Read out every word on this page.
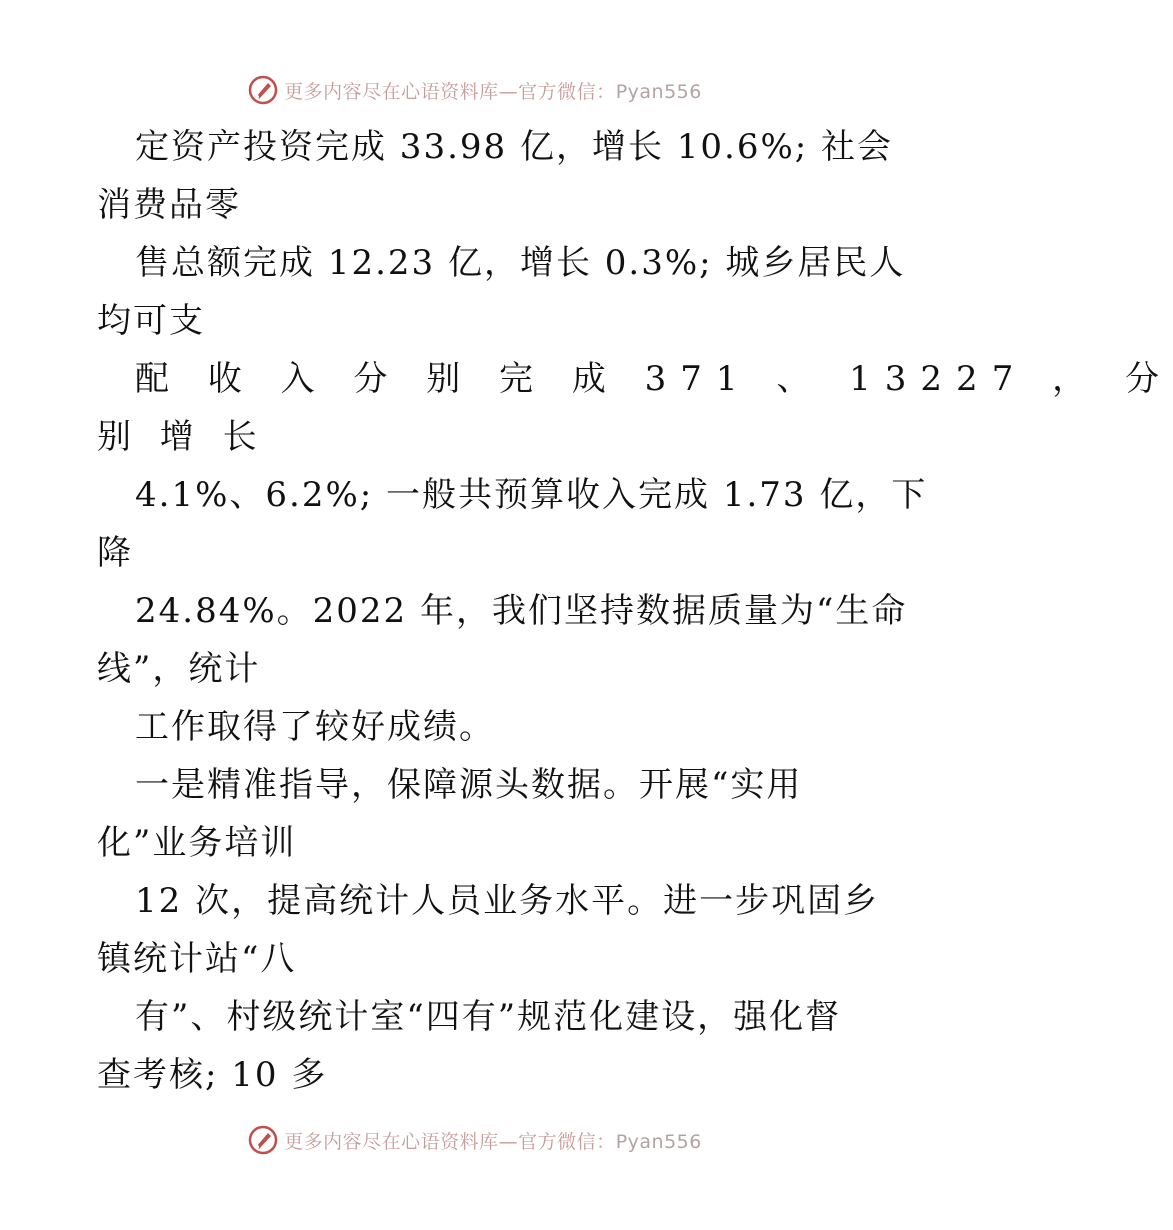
更多内容尽在心语资料库—官方微信：Pyan556
定资产投资完成 33.98 亿，增长 10.6%; 社会
消费品零
售总额完成 12.23 亿，增长 0.3%; 城乡居民人
均可支
配 收 入 分 别 完 成 371 、 13227 ， 分
别 增 长
4.1%、6.2%; 一般共预算收入完成 1.73 亿，下
降
24.84%。2022 年，我们坚持数据质量为“生命
线”，统计
工作取得了较好成绩。
一是精准指导，保障源头数据。开展“实用
化”业务培训
12 次，提高统计人员业务水平。进一步巩固乡
镇统计站“八
有”、村级统计室“四有”规范化建设，强化督
查考核; 10 多
更多内容尽在心语资料库—官方微信：Pyan556
